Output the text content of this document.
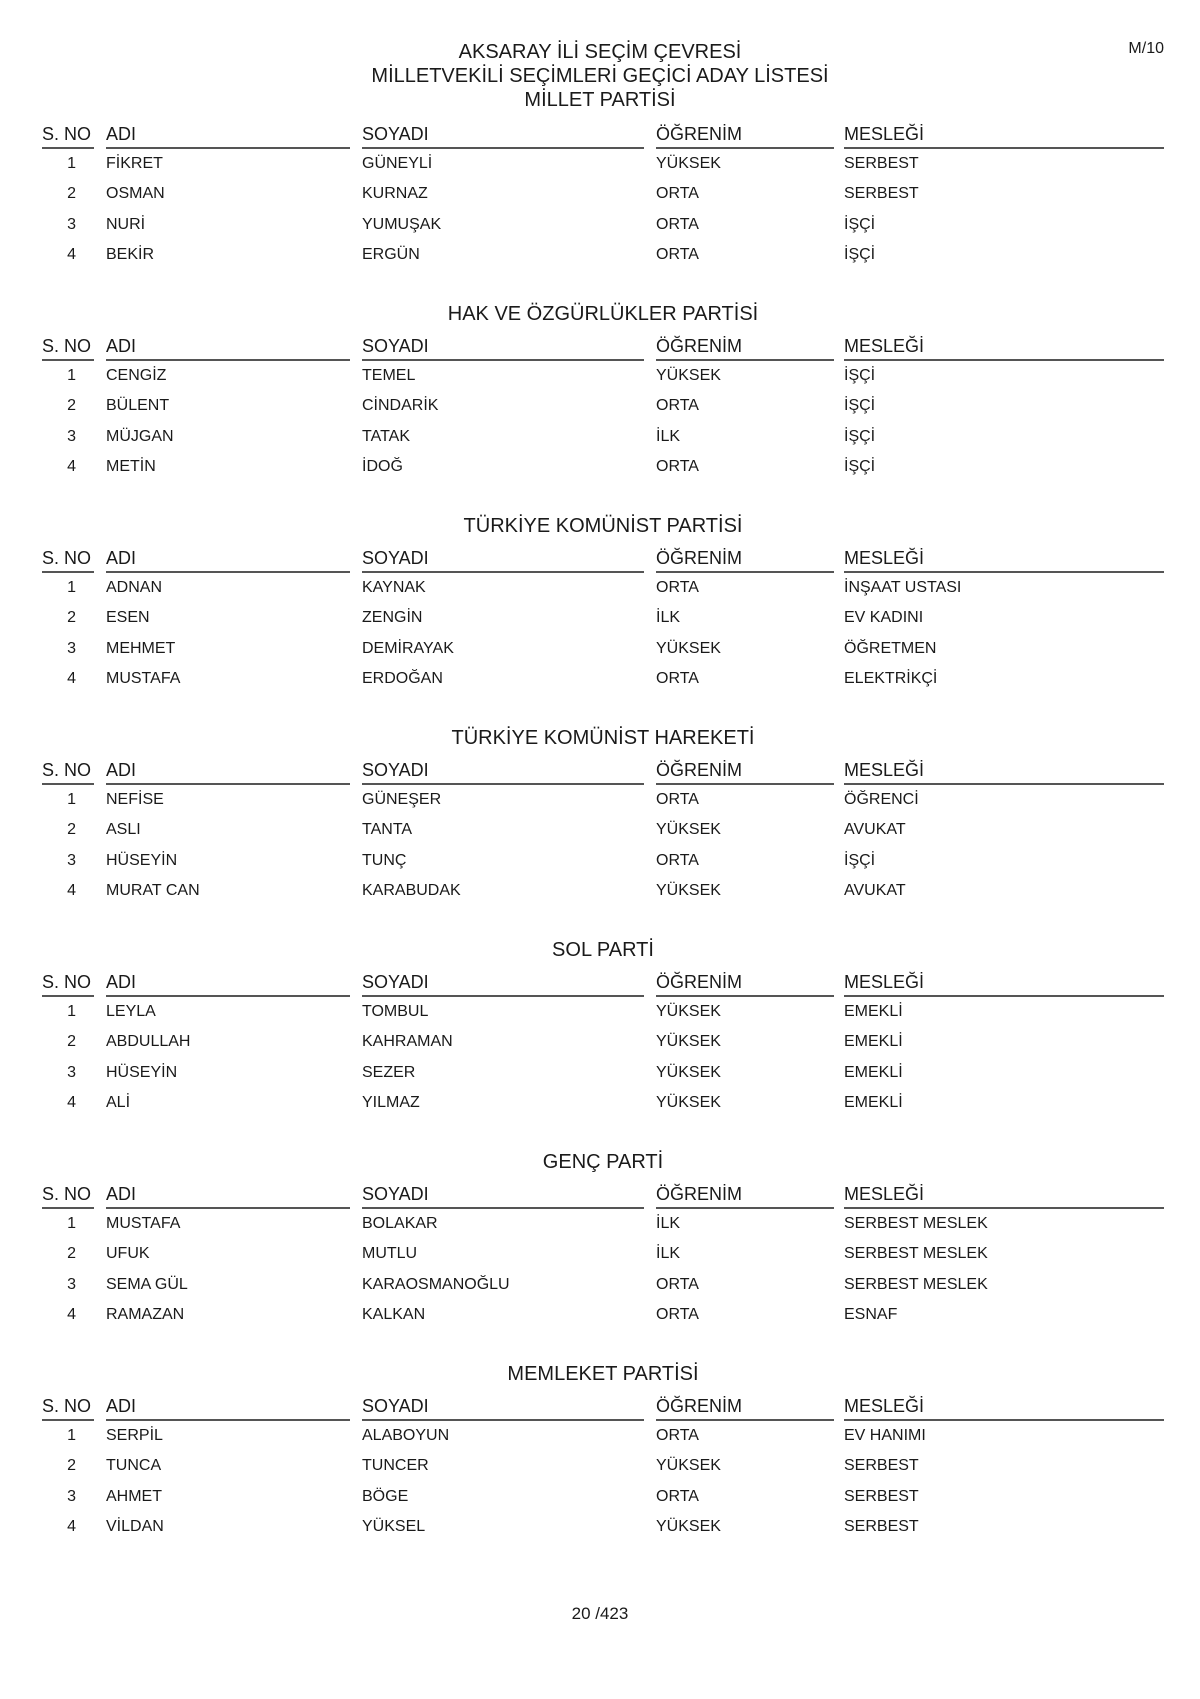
M/10
AKSARAY İLİ SEÇİM ÇEVRESİ
MİLLETVEKİLİ SEÇİMLERİ GEÇİCİ ADAY LİSTESİ
MİLLET PARTİSİ
S. NO ADI	SOYADI	ÖĞRENİM	MESLEĞİ
1 FİKRET	GÜNEYLİ	YÜKSEK	SERBEST
2 OSMAN	KURNAZ	ORTA	SERBEST
3 NURİ	YUMUŞAK	ORTA	İŞÇİ
4 BEKİR	ERGÜN	ORTA	İŞÇİ
HAK VE ÖZGÜRLÜKLER PARTİSİ
S. NO ADI	SOYADI	ÖĞRENİM	MESLEĞİ
1 CENGİZ	TEMEL	YÜKSEK	İŞÇİ
2 BÜLENT	CİNDARİK	ORTA	İŞÇİ
3 MÜJGAN	TATAK	İLK	İŞÇİ
4 METİN	İDOĞ	ORTA	İŞÇİ
TÜRKİYE KOMÜNİST PARTİSİ
S. NO ADI	SOYADI	ÖĞRENİM	MESLEĞİ
1 ADNAN	KAYNAK	ORTA	İNŞAAT USTASI
2 ESEN	ZENGİN	İLK	EV KADINI
3 MEHMET	DEMİRAYAK	YÜKSEK	ÖĞRETMEN
4 MUSTAFA	ERDOĞAN	ORTA	ELEKTRİKÇİ
TÜRKİYE KOMÜNİST HAREKETİ
S. NO ADI	SOYADI	ÖĞRENİM	MESLEĞİ
1 NEFİSE	GÜNEŞER	ORTA	ÖĞRENCİ
2 ASLI	TANTA	YÜKSEK	AVUKAT
3 HÜSEYİN	TUNÇ	ORTA	İŞÇİ
4 MURAT CAN	KARABUDAK	YÜKSEK	AVUKAT
SOL PARTİ
S. NO ADI	SOYADI	ÖĞRENİM	MESLEĞİ
1 LEYLA	TOMBUL	YÜKSEK	EMEKLİ
2 ABDULLAH	KAHRAMAN	YÜKSEK	EMEKLİ
3 HÜSEYİN	SEZER	YÜKSEK	EMEKLİ
4 ALİ	YILMAZ	YÜKSEK	EMEKLİ
GENÇ PARTİ
S. NO ADI	SOYADI	ÖĞRENİM	MESLEĞİ
1 MUSTAFA	BOLAKAR	İLK	SERBEST MESLEK
2 UFUK	MUTLU	İLK	SERBEST MESLEK
3 SEMA GÜL	KARAOSMANOĞLU	ORTA	SERBEST MESLEK
4 RAMAZAN	KALKAN	ORTA	ESNAF
MEMLEKET PARTİSİ
S. NO ADI	SOYADI	ÖĞRENİM	MESLEĞİ
1 SERPİL	ALABOYUN	ORTA	EV HANIMI
2 TUNCA	TUNCER	YÜKSEK	SERBEST
3 AHMET	BÖGE	ORTA	SERBEST
4 VİLDAN	YÜKSEL	YÜKSEK	SERBEST
20 /423
